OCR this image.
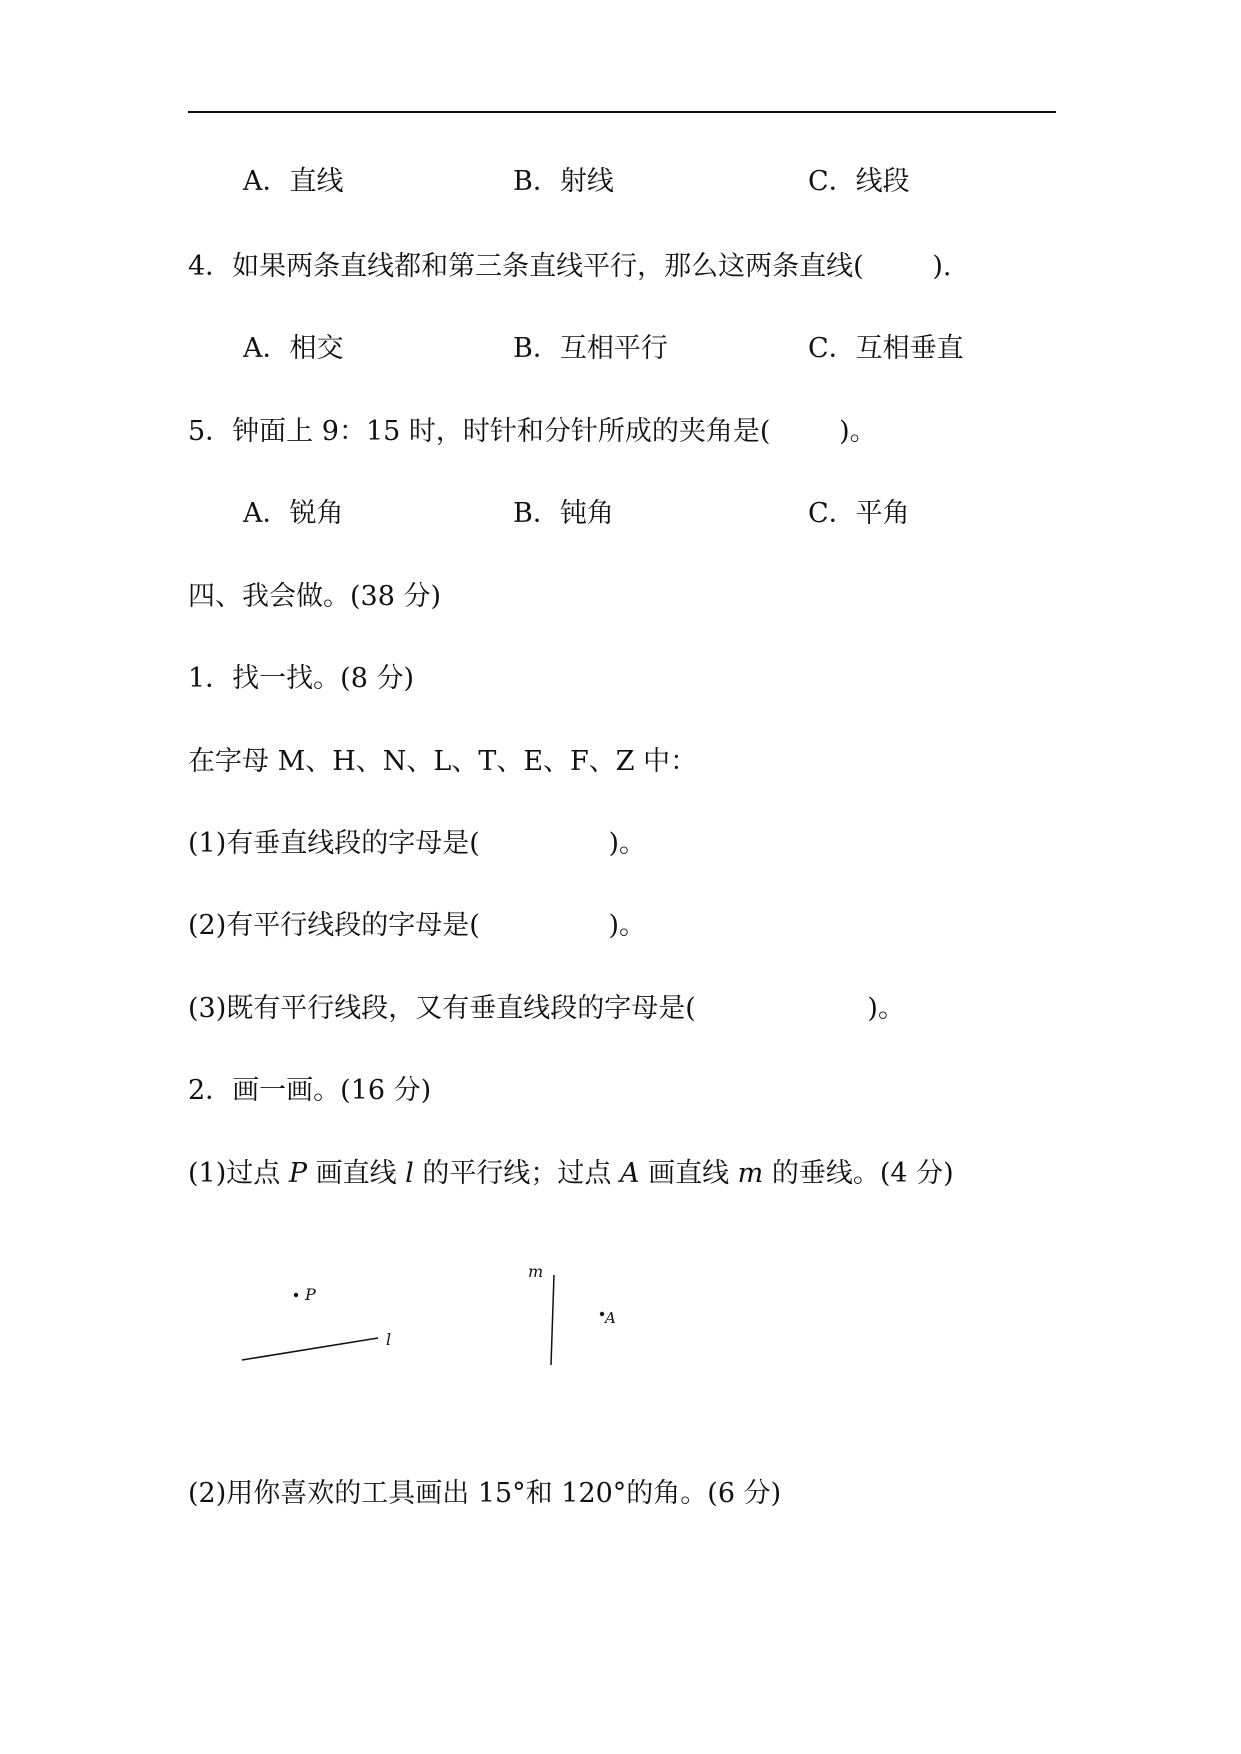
A．直线	B．射线	C．线段
4．如果两条直线都和第三条直线平行，那么这两条直线(        ).
A．相交	B．互相平行	C．互相垂直
5．钟面上 9：15 时，时针和分针所成的夹角是(        )。
A．锐角	B．钝角	C．平角
四、我会做。(38 分)
1．找一找。(8 分)
在字母 M、H、N、L、T、E、F、Z 中：
(1)有垂直线段的字母是(               )。
(2)有平行线段的字母是(               )。
(3)既有平行线段，又有垂直线段的字母是(                    )。
2．画一画。(16 分)
(1)过点 P 画直线 l 的平行线；过点 A 画直线 m 的垂线。(4 分)
P
l
m
A
(2)用你喜欢的工具画出 15°和 120°的角。(6 分)
